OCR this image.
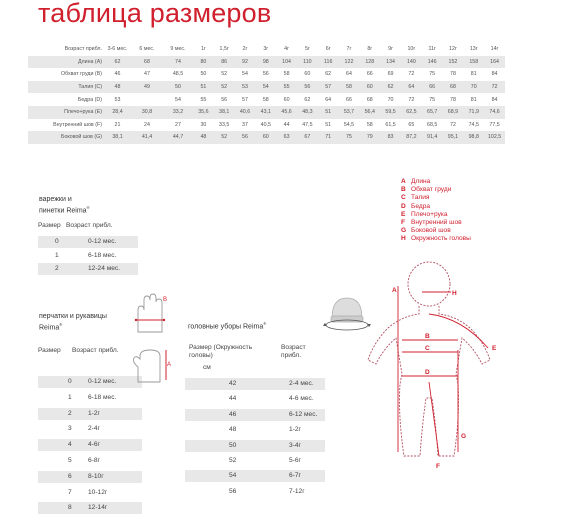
таблица размеров
Возраст прибл.	3-6 мес.	6 мес.	9 мес.	1г	1,5г	2г	3г	4г	5г	6г	7г	8г	9г	10г	11г	12г	13г	14г
Длина (A)	62	68	74	80	86	92	98	104	110	116	122	128	134	140	146	152	158	164
Обхват груди (B)	46	47	48,5	50	52	54	56	58	60	62	64	66	69	72	75	78	81	84
Талия (C)	48	49	50	51	52	53	54	55	56	57	58	60	62	64	66	68	70	72
Бедра (D)	53		54	55	56	57	58	60	62	64	66	68	70	72	75	78	81	84
Плечо+рука (E)	28,4	30,8	33,2	35,6	38,1	40,6	43,1	45,6	48,3	51	53,7	56,4	59,5	62,5	65,7	68,9	71,9	74,6
Внутренний шов (F)	21	24	27	30	33,5	37	40,5	44	47,5	51	54,5	58	61,5	65	68,5	72	74,5	77,5
Боковой шов (G)	38,1	41,4	44,7	48	52	56	60	63	67	71	75	79	83	87,2	91,4	95,1	98,8	102,5
варежки и
пинетки Reima®
Размер Возраст прибл.
0	0-12 мес.
1	6-18 мес.
2	12-24 мес.
перчатки и рукавицы
Reima®
Размер Возраст прибл.
0 0-12 мес.
1 6-18 мес.
2 1-2г
3 2-4г
4 4-6г
5 6-8г
6 8-10г
7 10-12г
8 12-14г
B
A
головные уборы Reima®
Размер (Окружность
головы)
см
Возраст
прибл.
42	2-4 мес.
44	4-6 мес.
46	6-12 мес.
48	1-2г
50	3-4г
52	5-6г
54	6-7г
56	7-12г
A Длина
B Обхват груди
C Талия
D Бедра
E Плечо+рука
F Внутренний шов
G Боковой шов
H Окружность головы
A	H
B
C
D
E
F
G
